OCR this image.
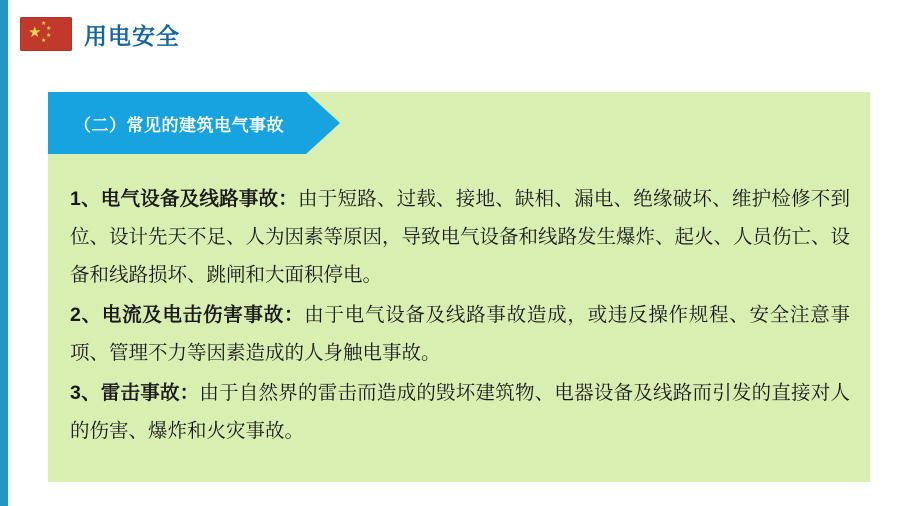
★ ★
★
★
★ 用电安全
（二）常见的建筑电气事故

1、电气设备及线路事故：由于短路、过载、接地、缺相、漏电、绝缘破坏、维护检修不到位、设计先天不足、人为因素等原因，导致电气设备和线路发生爆炸、起火、人员伤亡、设备和线路损坏、跳闸和大面积停电。

2、电流及电击伤害事故：由于电气设备及线路事故造成，或违反操作规程、安全注意事项、管理不力等因素造成的人身触电事故。

3、雷击事故：由于自然界的雷击而造成的毁坏建筑物、电器设备及线路而引发的直接对人的伤害、爆炸和火灾事故。
